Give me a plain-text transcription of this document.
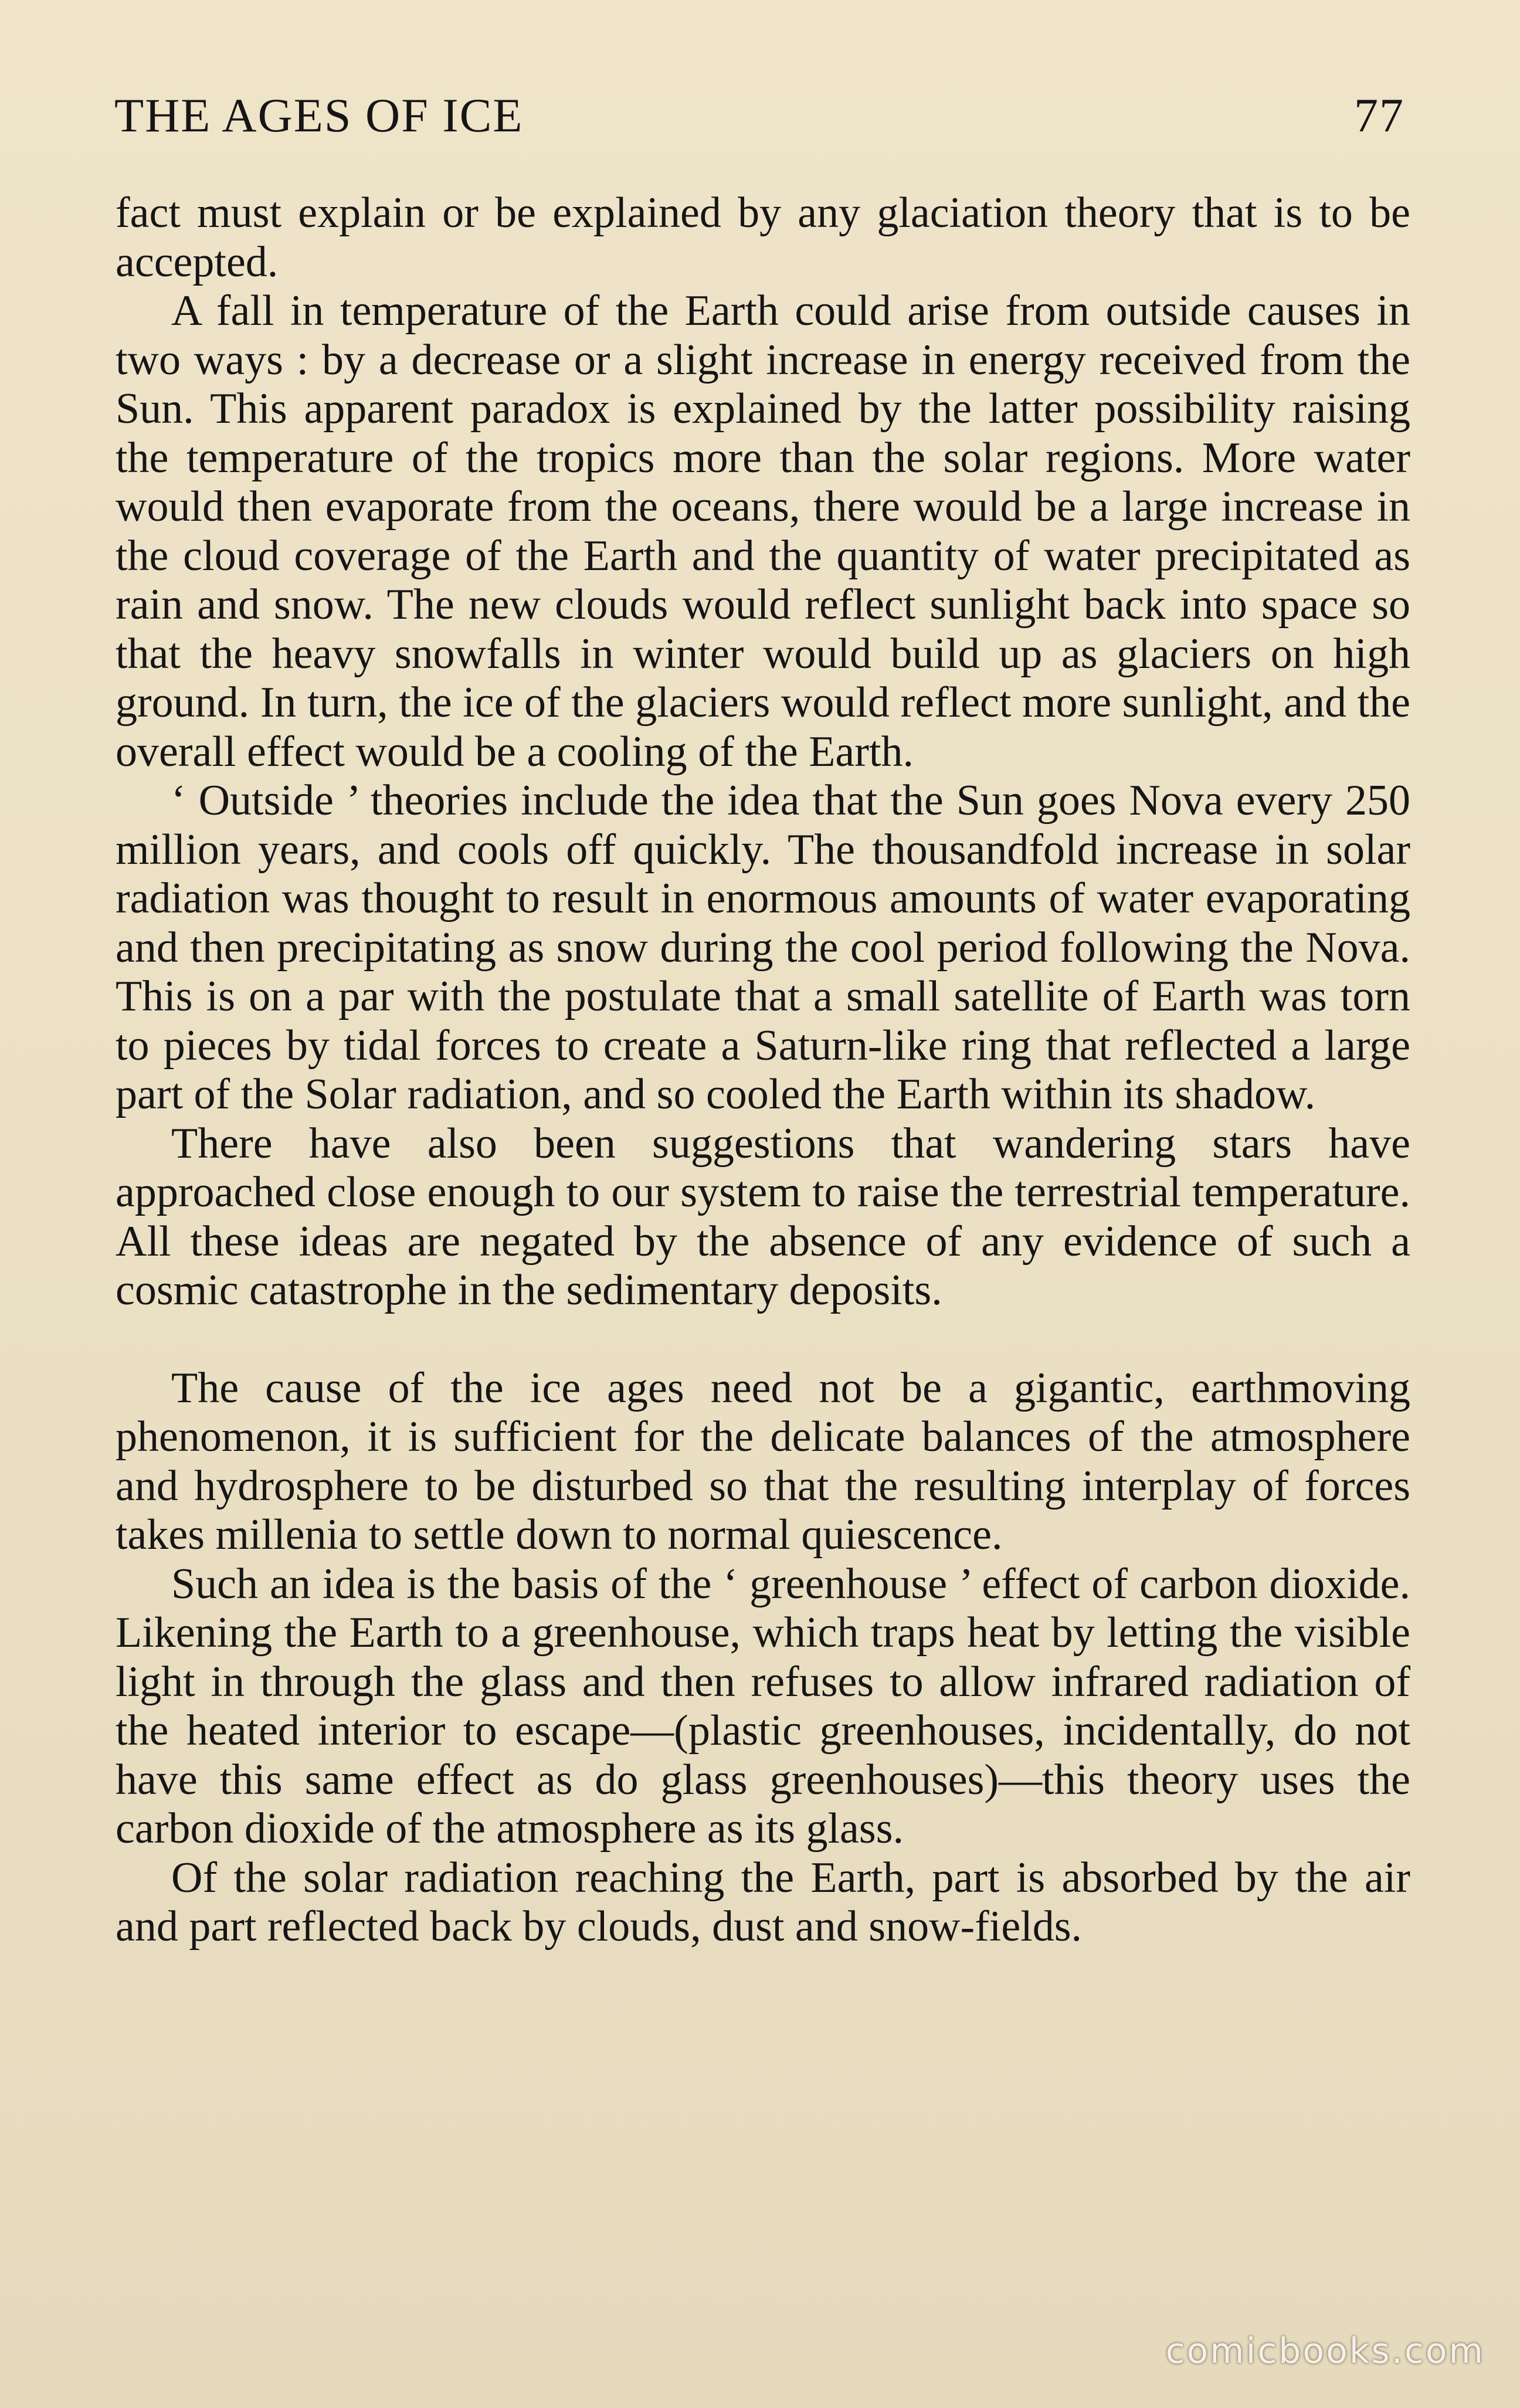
THE AGES OF ICE	77

fact must explain or be explained by any glaciation theory that is to be accepted.

A fall in temperature of the Earth could arise from outside causes in two ways : by a decrease or a slight increase in energy received from the Sun. This apparent paradox is explained by the latter possibility raising the temperature of the tropics more than the solar regions. More water would then evaporate from the oceans, there would be a large increase in the cloud coverage of the Earth and the quantity of water precipitated as rain and snow. The new clouds would reflect sunlight back into space so that the heavy snowfalls in winter would build up as glaciers on high ground. In turn, the ice of the glaciers would reflect more sunlight, and the overall effect would be a cooling of the Earth.

‘ Outside ’ theories include the idea that the Sun goes Nova every 250 million years, and cools off quickly. The thousandfold increase in solar radiation was thought to result in enormous amounts of water evaporating and then precipitating as snow during the cool period following the Nova. This is on a par with the postulate that a small satellite of Earth was torn to pieces by tidal forces to create a Saturn-like ring that reflected a large part of the Solar radiation, and so cooled the Earth within its shadow.

There have also been suggestions that wandering stars have approached close enough to our system to raise the terrestrial temperature. All these ideas are negated by the absence of any evidence of such a cosmic catastrophe in the sedimentary deposits.

The cause of the ice ages need not be a gigantic, earthmoving phenomenon, it is sufficient for the delicate balances of the atmosphere and hydrosphere to be disturbed so that the resulting interplay of forces takes millenia to settle down to normal quiescence.

Such an idea is the basis of the ‘ greenhouse ’ effect of carbon dioxide. Likening the Earth to a greenhouse, which traps heat by letting the visible light in through the glass and then refuses to allow infrared radiation of the heated interior to escape—(plastic greenhouses, incidentally, do not have this same effect as do glass greenhouses)—this theory uses the carbon dioxide of the atmosphere as its glass.

Of the solar radiation reaching the Earth, part is absorbed by the air and part reflected back by clouds, dust and snow-fields.

comicbooks.com
